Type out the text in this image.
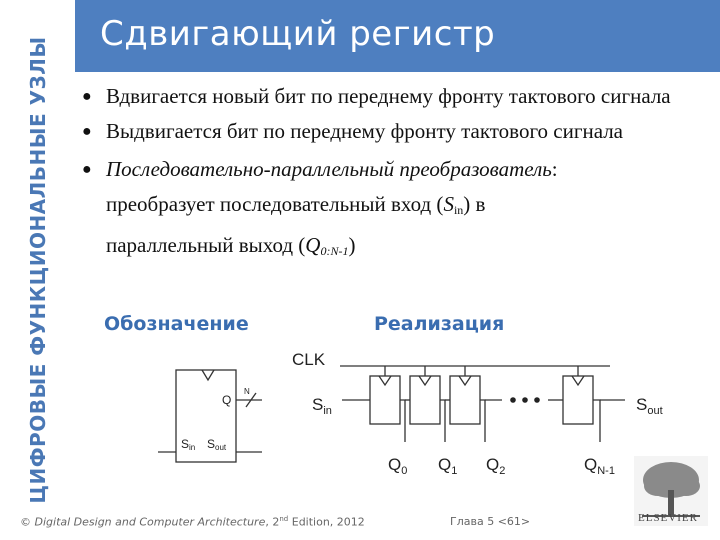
ЦИФРОВЫЕ ФУНКЦИОНАЛЬНЫЕ УЗЛЫ
Сдвигающий регистр
● Вдвигается новый бит по переднему фронту тактового сигнала
● Выдвигается бит по переднему фронту тактового сигнала
● Последовательно-параллельный преобразователь:
преобразует последовательный вход $(S_{in})$ в
параллельный выход $(Q_{0:N-1})$
Обозначение	Реализация
Q
N
Sin Sout
CLK
$S_{in}$	$S_{out}$
$Q_0$ $Q_1$ $Q_2$	$Q_{N-1}$
© Digital Design and Computer Architecture, 2nd Edition, 2012	Глава 5 <61>	ELSEVIER
